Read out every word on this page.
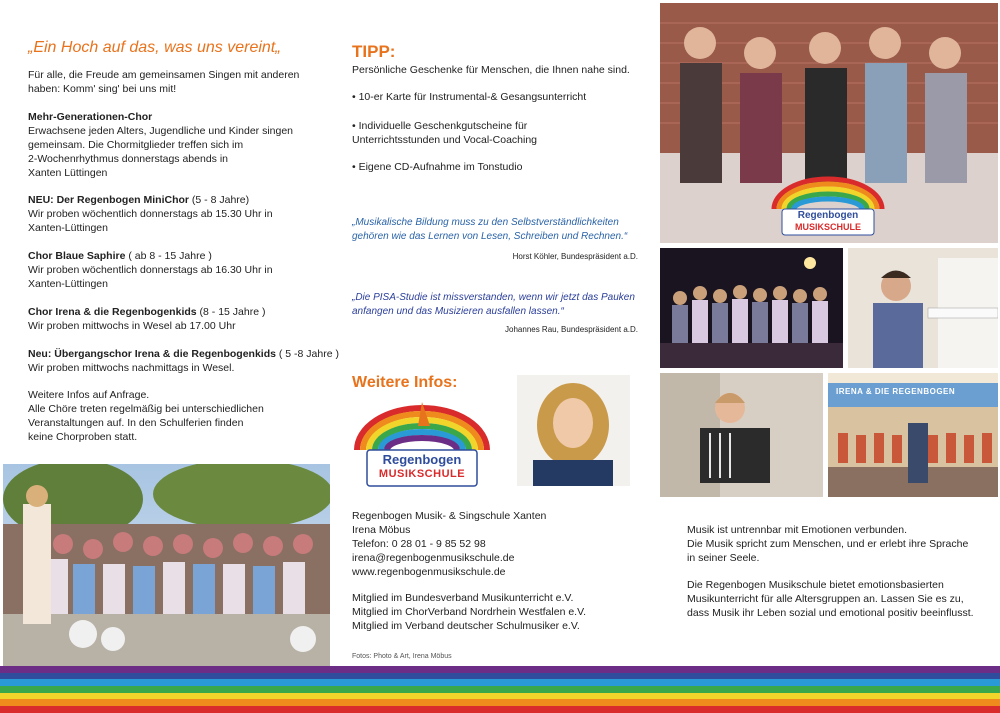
„Ein Hoch auf das, was uns vereint„
Für alle, die Freude am gemeinsamen Singen mit anderen
haben: Komm' sing' bei uns mit!
Mehr-Generationen-Chor
Erwachsene jeden Alters, Jugendliche und Kinder singen
gemeinsam. Die Chormitglieder treffen sich im
2-Wochenrhythmus donnerstags abends in
Xanten Lüttingen
NEU: Der Regenbogen MiniChor (5 - 8 Jahre)
Wir proben wöchentlich donnerstags ab 15.30 Uhr in
Xanten-Lüttingen
Chor Blaue Saphire ( ab 8 - 15 Jahre )
Wir proben wöchentlich donnerstags ab 16.30 Uhr in
Xanten-Lüttingen
Chor Irena & die Regenbogenkids (8 - 15 Jahre )
Wir proben mittwochs in Wesel ab 17.00 Uhr
Neu: Übergangschor Irena & die Regenbogenkids ( 5 -8 Jahre )
Wir proben mittwochs nachmittags in Wesel.
Weitere Infos auf Anfrage.
Alle Chöre treten regelmäßig bei unterschiedlichen
Veranstaltungen auf. In den Schulferien finden
keine Chorproben statt.
TIPP:
Persönliche Geschenke für Menschen, die Ihnen nahe sind.
• 10-er Karte für Instrumental-& Gesangsunterricht
• Individuelle Geschenkgutscheine für
Unterrichtsstunden und Vocal-Coaching
• Eigene CD-Aufnahme im Tonstudio
„Musikalische Bildung muss zu den Selbstverständlichkeiten
gehören wie das Lernen von Lesen, Schreiben und Rechnen.“
Horst Köhler, Bundespräsident a.D.
„Die PISA-Studie ist missverstanden, wenn wir jetzt das Pauken
anfangen und das Musizieren ausfallen lassen.“
Johannes Rau, Bundespräsident a.D.
Weitere Infos:
Regenbogen
MUSIKSCHULE
Regenbogen Musik- & Singschule Xanten
Irena Möbus
Telefon: 0 28 01 - 9 85 52 98
irena@regenbogenmusikschule.de
www.regenbogenmusikschule.de
Mitglied im Bundesverband Musikunterricht e.V.
Mitglied im ChorVerband Nordrhein Westfalen e.V.
Mitglied im Verband deutscher Schulmusiker e.V.
Fotos: Photo & Art, Irena Möbus
Regenbogen
MUSIKSCHULE
IRENA & DIE REGENBOGEN
Musik ist untrennbar mit Emotionen verbunden.
Die Musik spricht zum Menschen, und er erlebt ihre Sprache
in seiner Seele.
Die Regenbogen Musikschule bietet emotionsbasierten
Musikunterricht für alle Altersgruppen an. Lassen Sie es zu,
dass Musik ihr Leben sozial und emotional positiv beeinflusst.
